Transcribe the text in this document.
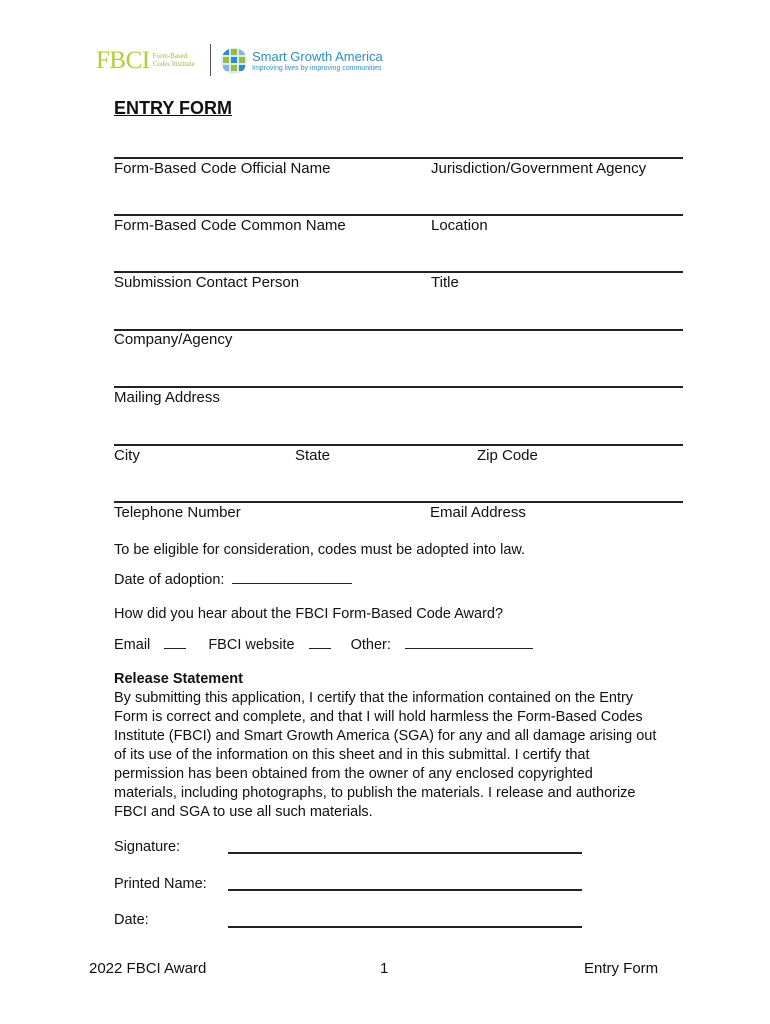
FBCI Form-Based
Codes Institute	Smart Growth America
Improving lives by improving communities
ENTRY FORM
Form-Based Code Official Name	Jurisdiction/Government Agency
Form-Based Code Common Name	Location
Submission Contact Person	Title
Company/Agency
Mailing Address
City	State	Zip Code
Telephone Number	Email Address
To be eligible for consideration, codes must be adopted into law.
Date of adoption:
How did you hear about the FBCI Form-Based Code Award?
Email	FBCI website	Other:
Release Statement
By submitting this application, I certify that the information contained on the Entry
Form is correct and complete, and that I will hold harmless the Form-Based Codes
Institute (FBCI) and Smart Growth America (SGA) for any and all damage arising out
of its use of the information on this sheet and in this submittal. I certify that
permission has been obtained from the owner of any enclosed copyrighted
materials, including photographs, to publish the materials. I release and authorize
FBCI and SGA to use all such materials.
Signature:
Printed Name:
Date:
2022 FBCI Award	1	Entry Form
